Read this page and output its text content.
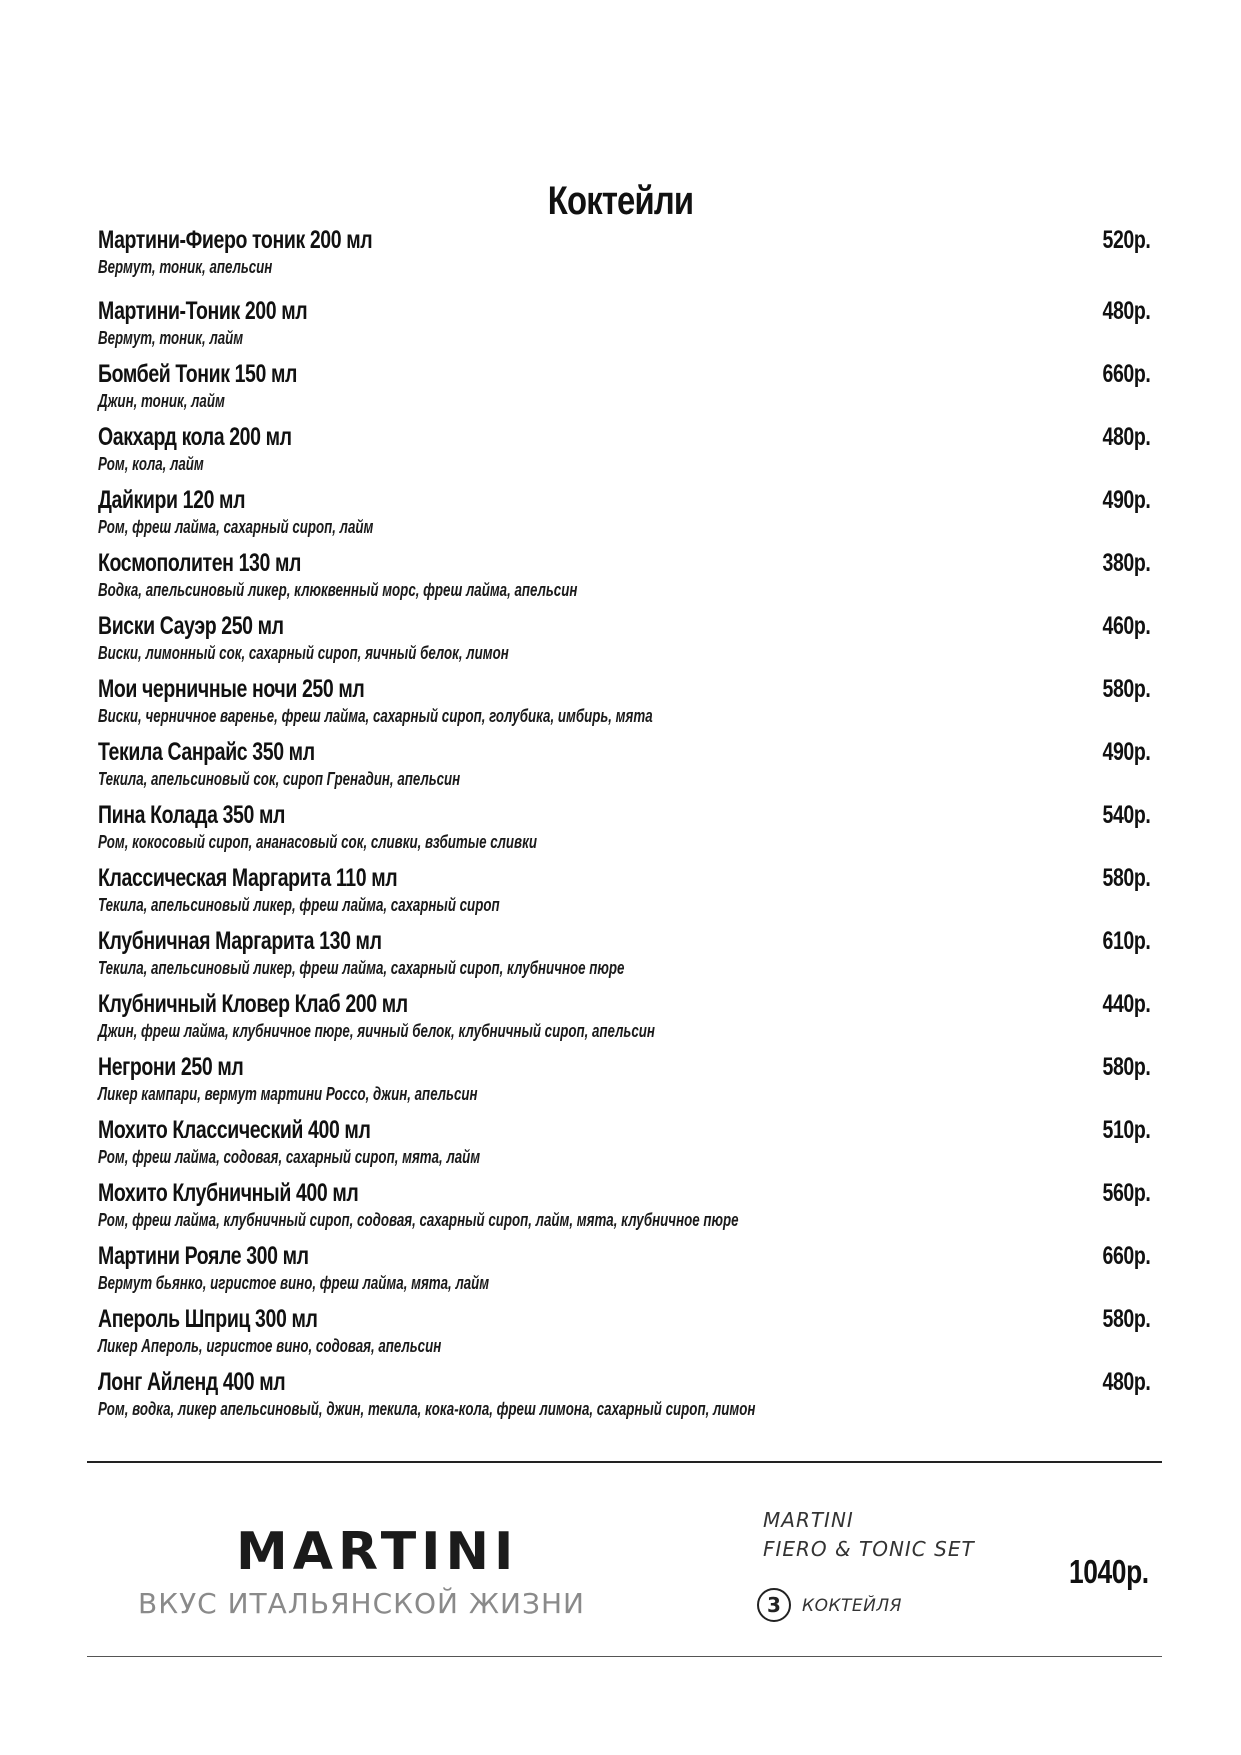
Коктейли
Мартини-Фиеро тоник 200 мл	520р.
Вермут, тоник, апельсин
Мартини-Тоник 200 мл	480р.
Вермут, тоник, лайм
Бомбей Тоник 150 мл	660р.
Джин, тоник, лайм
Оакхард кола 200 мл	480р.
Ром, кола, лайм
Дайкири 120 мл	490р.
Ром, фреш лайма, сахарный сироп, лайм
Космополитен 130 мл	380р.
Водка, апельсиновый ликер, клюквенный морс, фреш лайма, апельсин
Виски Сауэр 250 мл	460р.
Виски, лимонный сок, сахарный сироп, яичный белок, лимон
Мои черничные ночи 250 мл	580р.
Виски, черничное варенье, фреш лайма, сахарный сироп, голубика, имбирь, мята
Текила Санрайс 350 мл	490р.
Текила, апельсиновый сок, сироп Гренадин, апельсин
Пина Колада 350 мл	540р.
Ром, кокосовый сироп, ананасовый сок, сливки, взбитые сливки
Классическая Маргарита 110 мл	580р.
Текила, апельсиновый ликер, фреш лайма, сахарный сироп
Клубничная Маргарита 130 мл	610р.
Текила, апельсиновый ликер, фреш лайма, сахарный сироп, клубничное пюре
Клубничный Кловер Клаб 200 мл	440р.
Джин, фреш лайма, клубничное пюре, яичный белок, клубничный сироп, апельсин
Негрони 250 мл	580р.
Ликер кампари, вермут мартини Россо, джин, апельсин
Мохито Классический 400 мл	510р.
Ром, фреш лайма, содовая, сахарный сироп, мята, лайм
Мохито Клубничный 400 мл	560р.
Ром, фреш лайма, клубничный сироп, содовая, сахарный сироп, лайм, мята, клубничное пюре
Мартини Рояле 300 мл	660р.
Вермут бьянко, игристое вино, фреш лайма, мята, лайм
Апероль Шприц 300 мл	580р.
Ликер Апероль, игристое вино, содовая, апельсин
Лонг Айленд 400 мл	480р.
Ром, водка, ликер апельсиновый, джин, текила, кока-кола, фреш лимона, сахарный сироп, лимон
MARTINI
ВКУС ИТАЛЬЯНСКОЙ ЖИЗНИ
MARTINI
FIERO & TONIC SET
3	КОКТЕЙЛЯ
1040р.
